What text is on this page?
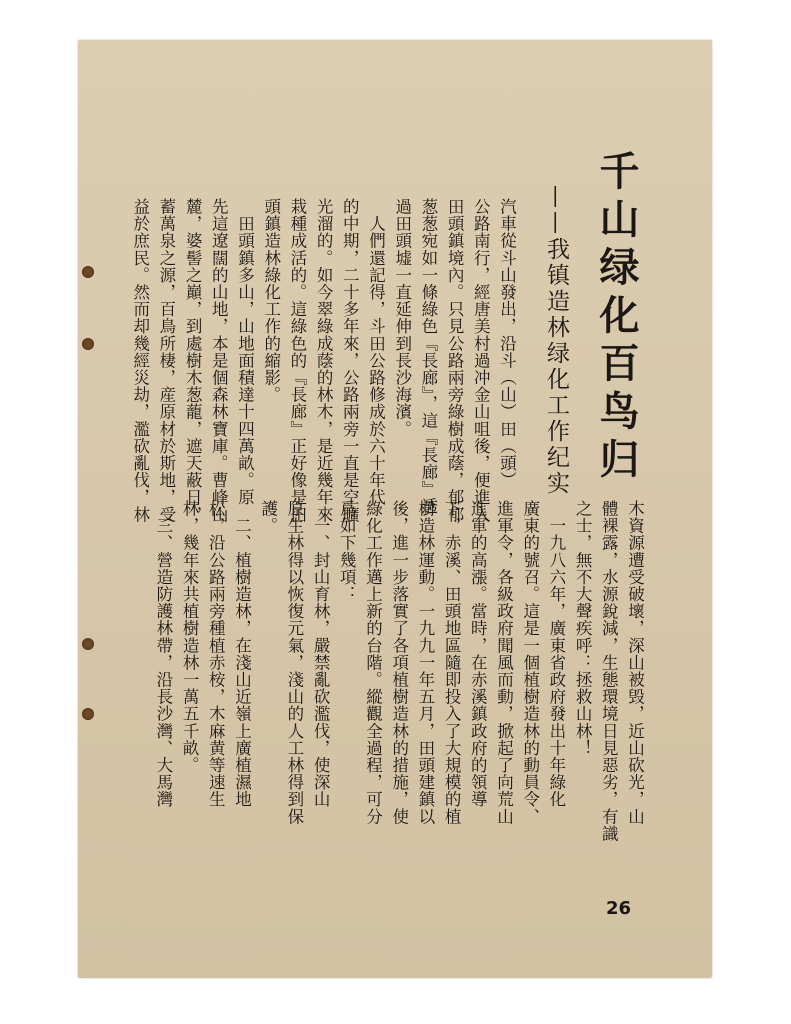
千山绿化百鸟归
——我镇造林绿化工作纪实
汽車從斗山發出，沿斗（山）田（頭）
公路南行，經唐美村過冲金山咀後，便進入
田頭鎮境內。只見公路兩旁綠樹成蔭，郁郁
葱葱宛如一條綠色『長廊』，這『長廊』透
過田頭墟一直延伸到長沙海濱。
　人們還記得，斗田公路修成於六十年代
的中期，二十多年來，公路兩旁一直是空曠
光溜的。如今翠綠成蔭的林木，是近幾年來
栽種成活的。這綠色的『長廊』正好像是田
頭鎮造林綠化工作的縮影。
　田頭鎮多山，山地面積達十四萬畝。原
先這遼闊的山地，本是個森林寶庫。曹峰山
麓，婆髻之巔，到處樹木葱蘢，遮天蔽日，
蓄萬泉之源，百鳥所棲，産原材於斯地，受
益於庶民。然而却幾經災劫，濫砍亂伐，林
木資源遭受破壞，深山被毁，近山砍光，山
體裸露，水源銳減，生態環境日見惡劣，有識
之士，無不大聲疾呼：拯救山林！
　一九八六年，廣東省政府發出十年綠化
廣東的號召。這是一個植樹造林的動員令、
進軍令，各級政府聞風而動，掀起了向荒山
進軍的高漲。當時，在赤溪鎮政府的領導
下，赤溪、田頭地區隨即投入了大規模的植
樹造林運動。一九九一年五月，田頭建鎮以
後，進一步落實了各項植樹造林的措施，使
綠化工作邁上新的台階。縱觀全過程，可分
爲如下幾項：
　一、封山育林，嚴禁亂砍濫伐，使深山
原生林得以恢復元氣，淺山的人工林得到保
護。
　二、植樹造林，在淺山近嶺上廣植濕地
松，沿公路兩旁種植赤桉，木麻黄等速生
林，幾年來共植樹造林一萬五千畝。
　三、營造防護林帶，沿長沙灣、大馬灣
26
